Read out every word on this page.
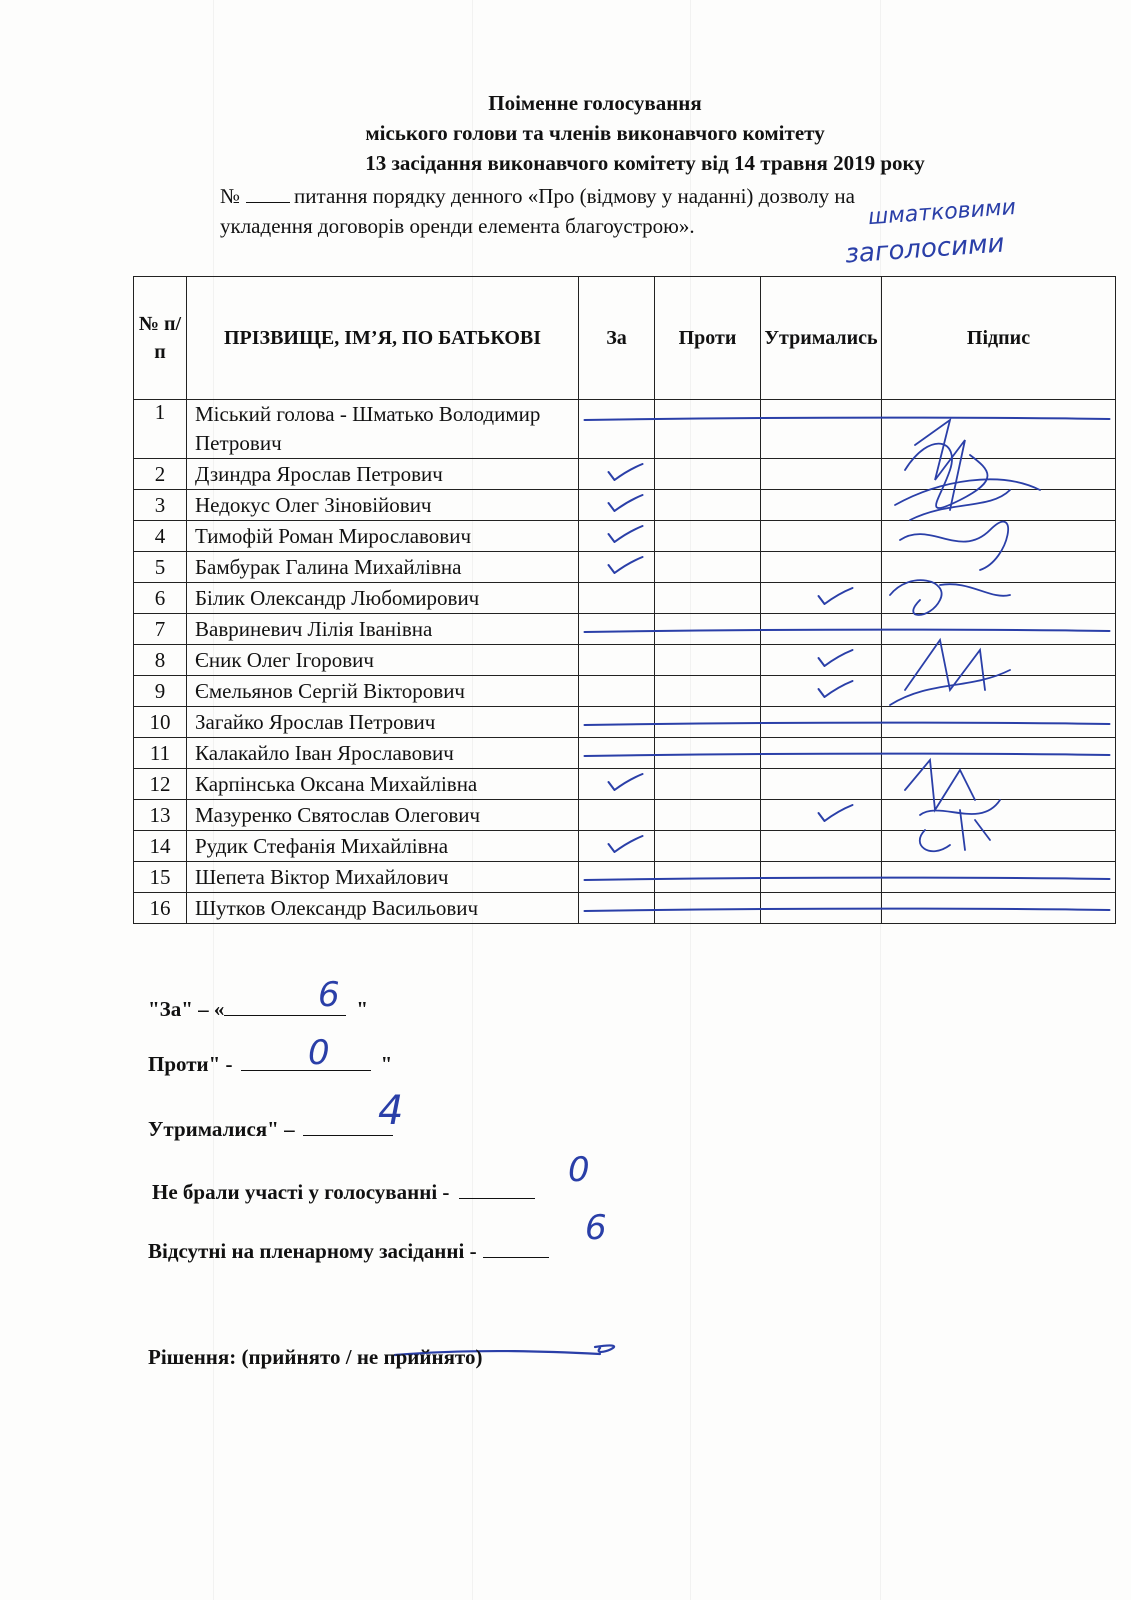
Поіменне голосування
міського голови та членів виконавчого комітету
13 засідання виконавчого комітету від 14 травня 2019 року
№	питання порядку денного «Про (відмову у наданні) дозволу на
укладення договорів оренди елемента благоустрою».	шматковими
заголосими
№ п/п	ПРІЗВИЩЕ, ІМ’Я, ПО БАТЬКОВІ	За	Проти	Утримались	Підпис
1	Міський голова - Шматько Володимир Петрович				
2	Дзиндра Ярослав Петрович				
3	Недокус Олег Зіновійович				
4	Тимофій Роман Мирославович				
5	Бамбурак Галина Михайлівна				
6	Білик Олександр Любомирович				
7	Вавриневич Лілія Іванівна				
8	Єник Олег Ігорович				
9	Ємельянов Сергій Вікторович				
10	Загайко Ярослав Петрович				
11	Калакайло Іван Ярославович				
12	Карпінська Оксана Михайлівна				
13	Мазуренко Святослав Олегович				
14	Рудик Стефанія Михайлівна				
15	Шепета Віктор Михайлович				
16	Шутков Олександр Васильович				
"За" – «	"
6
Проти" -	"
0
Утрималися" –	4
Не брали участі у голосуванні -
0
Відсутні на пленарному засіданні -
6
Рішення: (прийнято / не прийнято)
